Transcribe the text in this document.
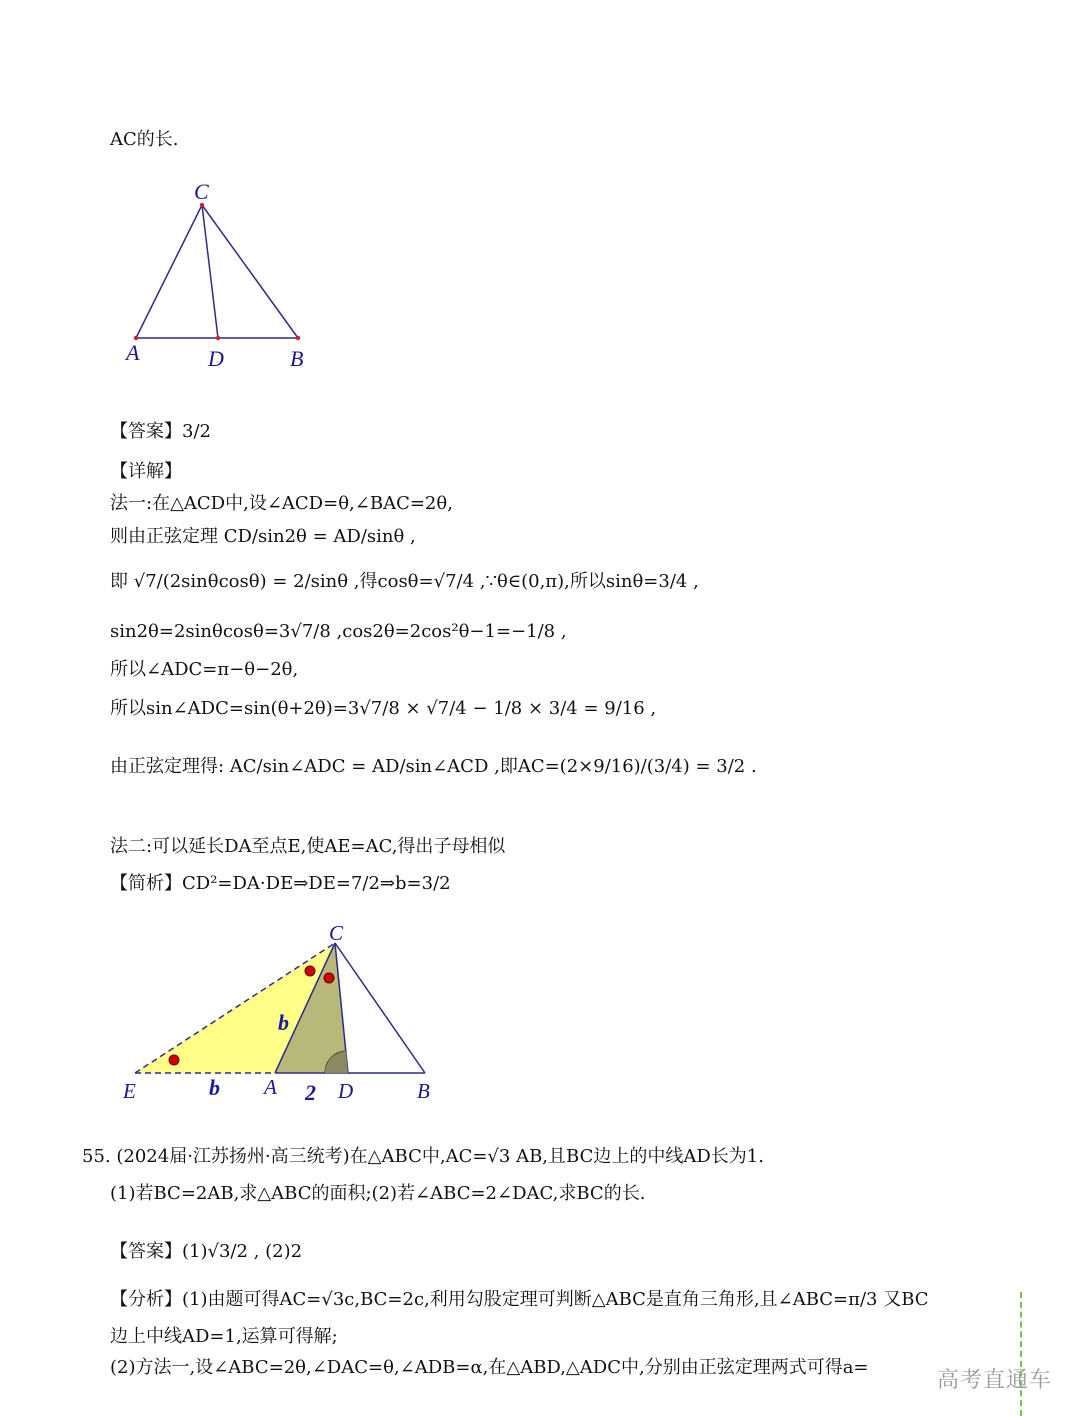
AC的长.
C
A	D	B
【答案】3/2
【详解】
法一:在△ACD中,设∠ACD=θ,∠BAC=2θ,
则由正弦定理 CD/sin2θ = AD/sinθ ,
即 √7/(2sinθcosθ) = 2/sinθ ,得cosθ=√7/4 ,∵θ∈(0,π),所以sinθ=3/4 ,
sin2θ=2sinθcosθ=3√7/8 ,cos2θ=2cos²θ−1=−1/8 ,
所以∠ADC=π−θ−2θ,
所以sin∠ADC=sin(θ+2θ)=3√7/8 × √7/4 − 1/8 × 3/4 = 9/16 ,
由正弦定理得: AC/sin∠ADC = AD/sin∠ACD ,即AC=(2×9/16)/(3/4) = 3/2 .
法二:可以延长DA至点E,使AE=AC,得出子母相似
【简析】CD²=DA·DE⇒DE=7/2⇒b=3/2
C
E	A	D	B
b
b	2
55. (2024届·江苏扬州·高三统考)在△ABC中,AC=√3 AB,且BC边上的中线AD长为1.
(1)若BC=2AB,求△ABC的面积;(2)若∠ABC=2∠DAC,求BC的长.
【答案】(1)√3/2 , (2)2
【分析】(1)由题可得AC=√3c,BC=2c,利用勾股定理可判断△ABC是直角三角形,且∠ABC=π/3 又BC
边上中线AD=1,运算可得解;
(2)方法一,设∠ABC=2θ,∠DAC=θ,∠ADB=α,在△ABD,△ADC中,分别由正弦定理两式可得a=
高考直通车
